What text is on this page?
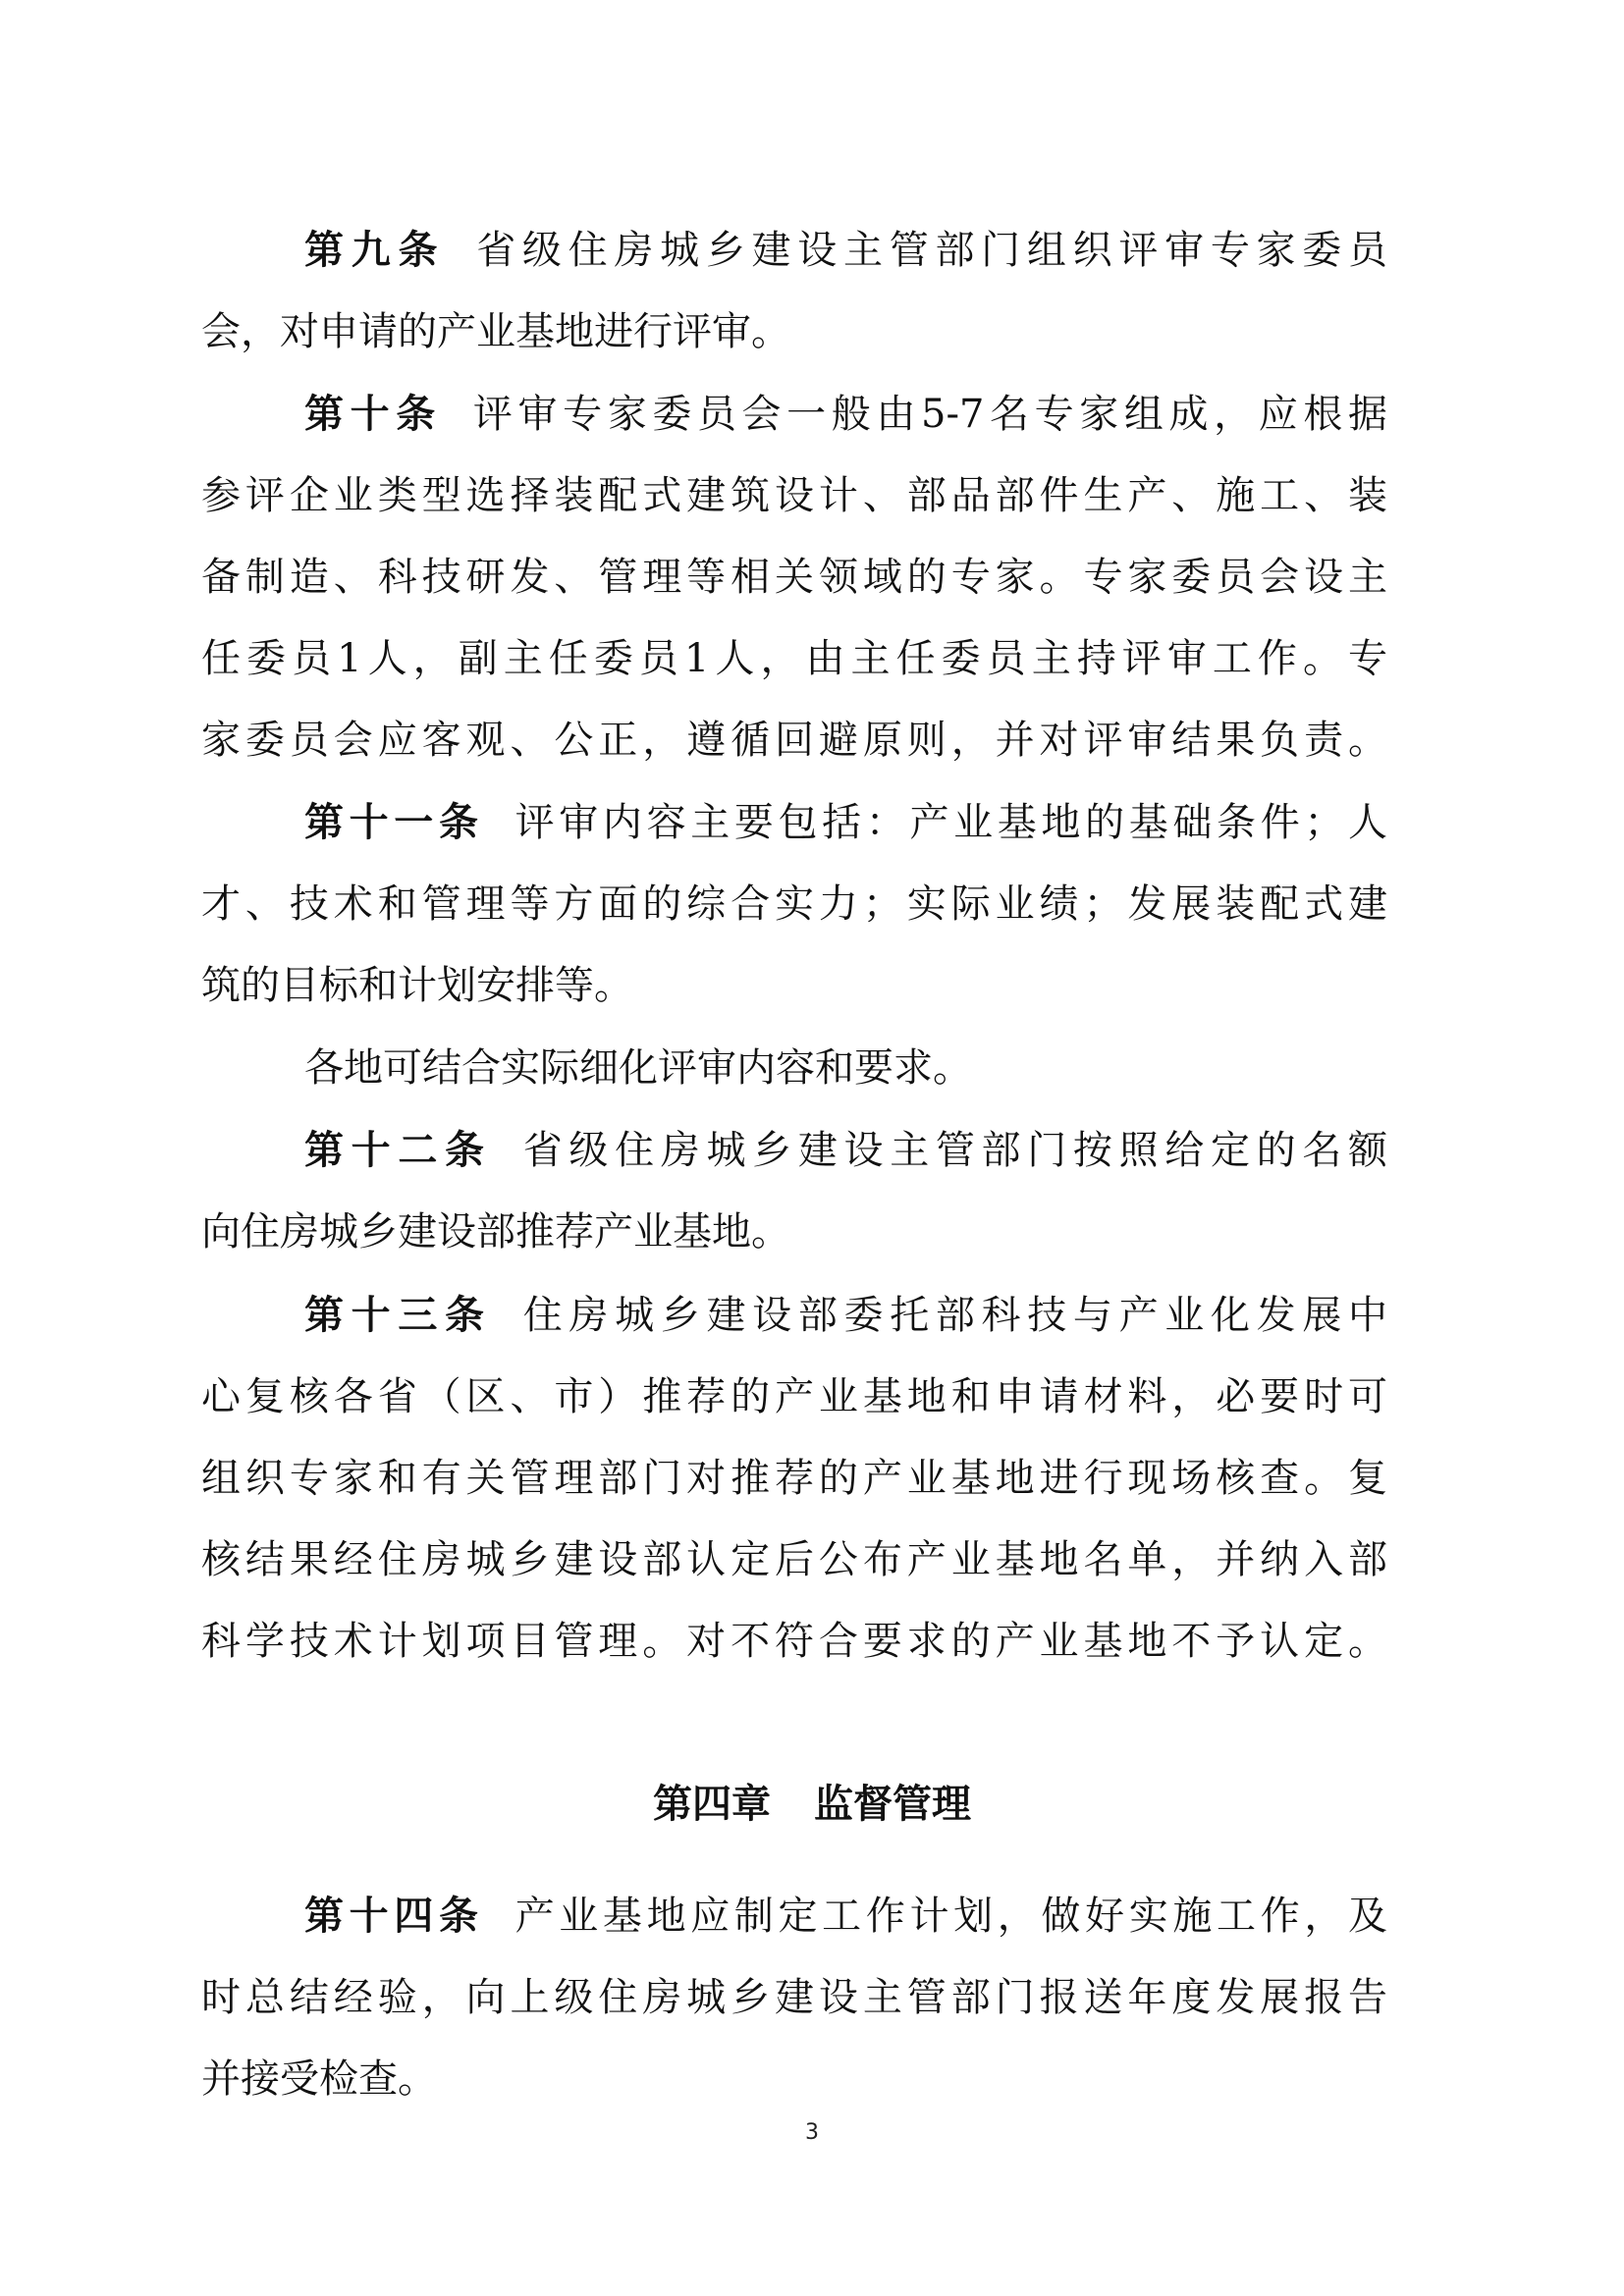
第九条 省级住房城乡建设主管部门组织评审专家委员
会，对申请的产业基地进行评审。
第十条 评审专家委员会一般由5-7名专家组成，应根据
参评企业类型选择装配式建筑设计、部品部件生产、施工、装
备制造、科技研发、管理等相关领域的专家。专家委员会设主
任委员1人，副主任委员1人，由主任委员主持评审工作。专
家委员会应客观、公正，遵循回避原则，并对评审结果负责。
第十一条 评审内容主要包括：产业基地的基础条件；人
才、技术和管理等方面的综合实力；实际业绩；发展装配式建
筑的目标和计划安排等。
各地可结合实际细化评审内容和要求。
第十二条 省级住房城乡建设主管部门按照给定的名额
向住房城乡建设部推荐产业基地。
第十三条 住房城乡建设部委托部科技与产业化发展中
心复核各省（区、市）推荐的产业基地和申请材料，必要时可
组织专家和有关管理部门对推荐的产业基地进行现场核查。复
核结果经住房城乡建设部认定后公布产业基地名单，并纳入部
科学技术计划项目管理。对不符合要求的产业基地不予认定。
第四章 监督管理
第十四条 产业基地应制定工作计划，做好实施工作，及
时总结经验，向上级住房城乡建设主管部门报送年度发展报告
并接受检查。
3
